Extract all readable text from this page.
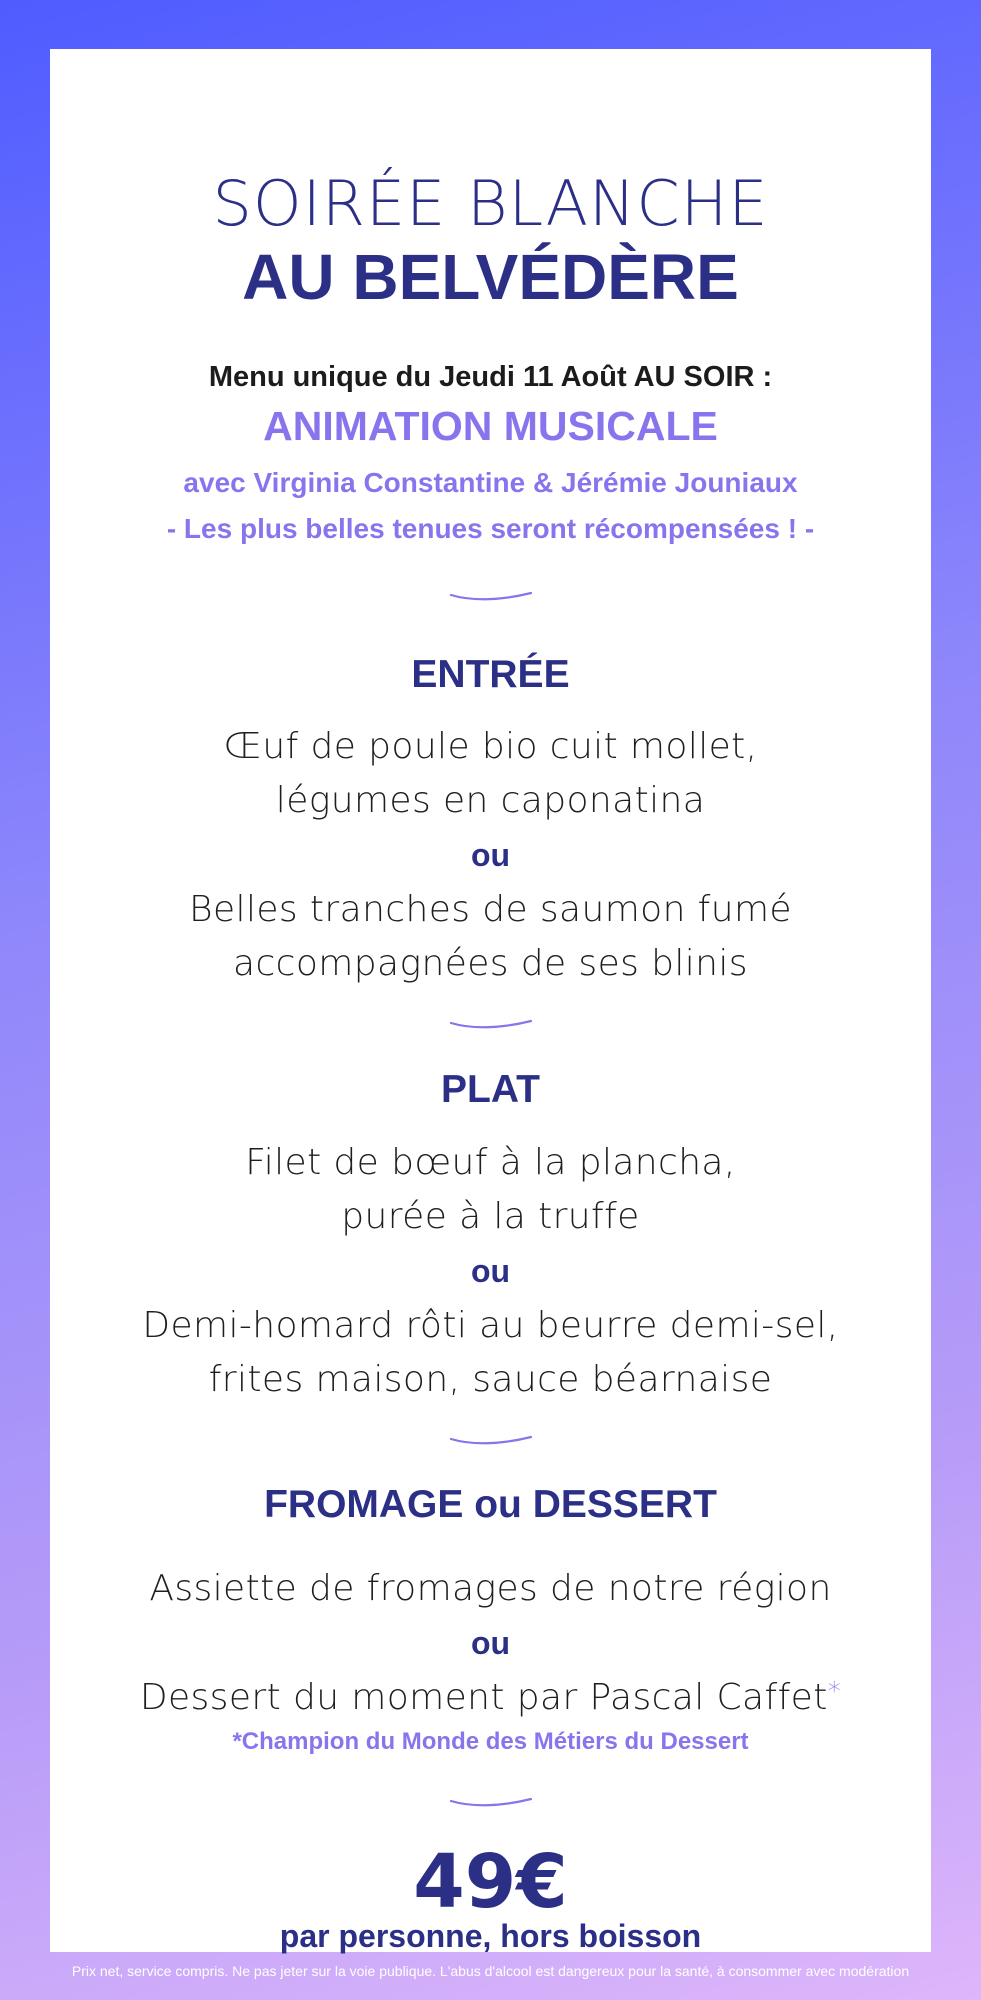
SOIRÉE BLANCHE
AU BELVÉDÈRE
Menu unique du Jeudi 11 Août AU SOIR :
ANIMATION MUSICALE
avec Virginia Constantine & Jérémie Jouniaux
- Les plus belles tenues seront récompensées ! -
ENTRÉE
Œuf de poule bio cuit mollet,
légumes en caponatina
ou
Belles tranches de saumon fumé
accompagnées de ses blinis
PLAT
Filet de bœuf à la plancha,
purée à la truffe
ou
Demi-homard rôti au beurre demi-sel,
frites maison, sauce béarnaise
FROMAGE ou DESSERT
Assiette de fromages de notre région
ou
Dessert du moment par Pascal Caffet*
*Champion du Monde des Métiers du Dessert
49€
par personne, hors boisson
Prix net, service compris. Ne pas jeter sur la voie publique. L'abus d'alcool est dangereux pour la santé, à consommer avec modération
